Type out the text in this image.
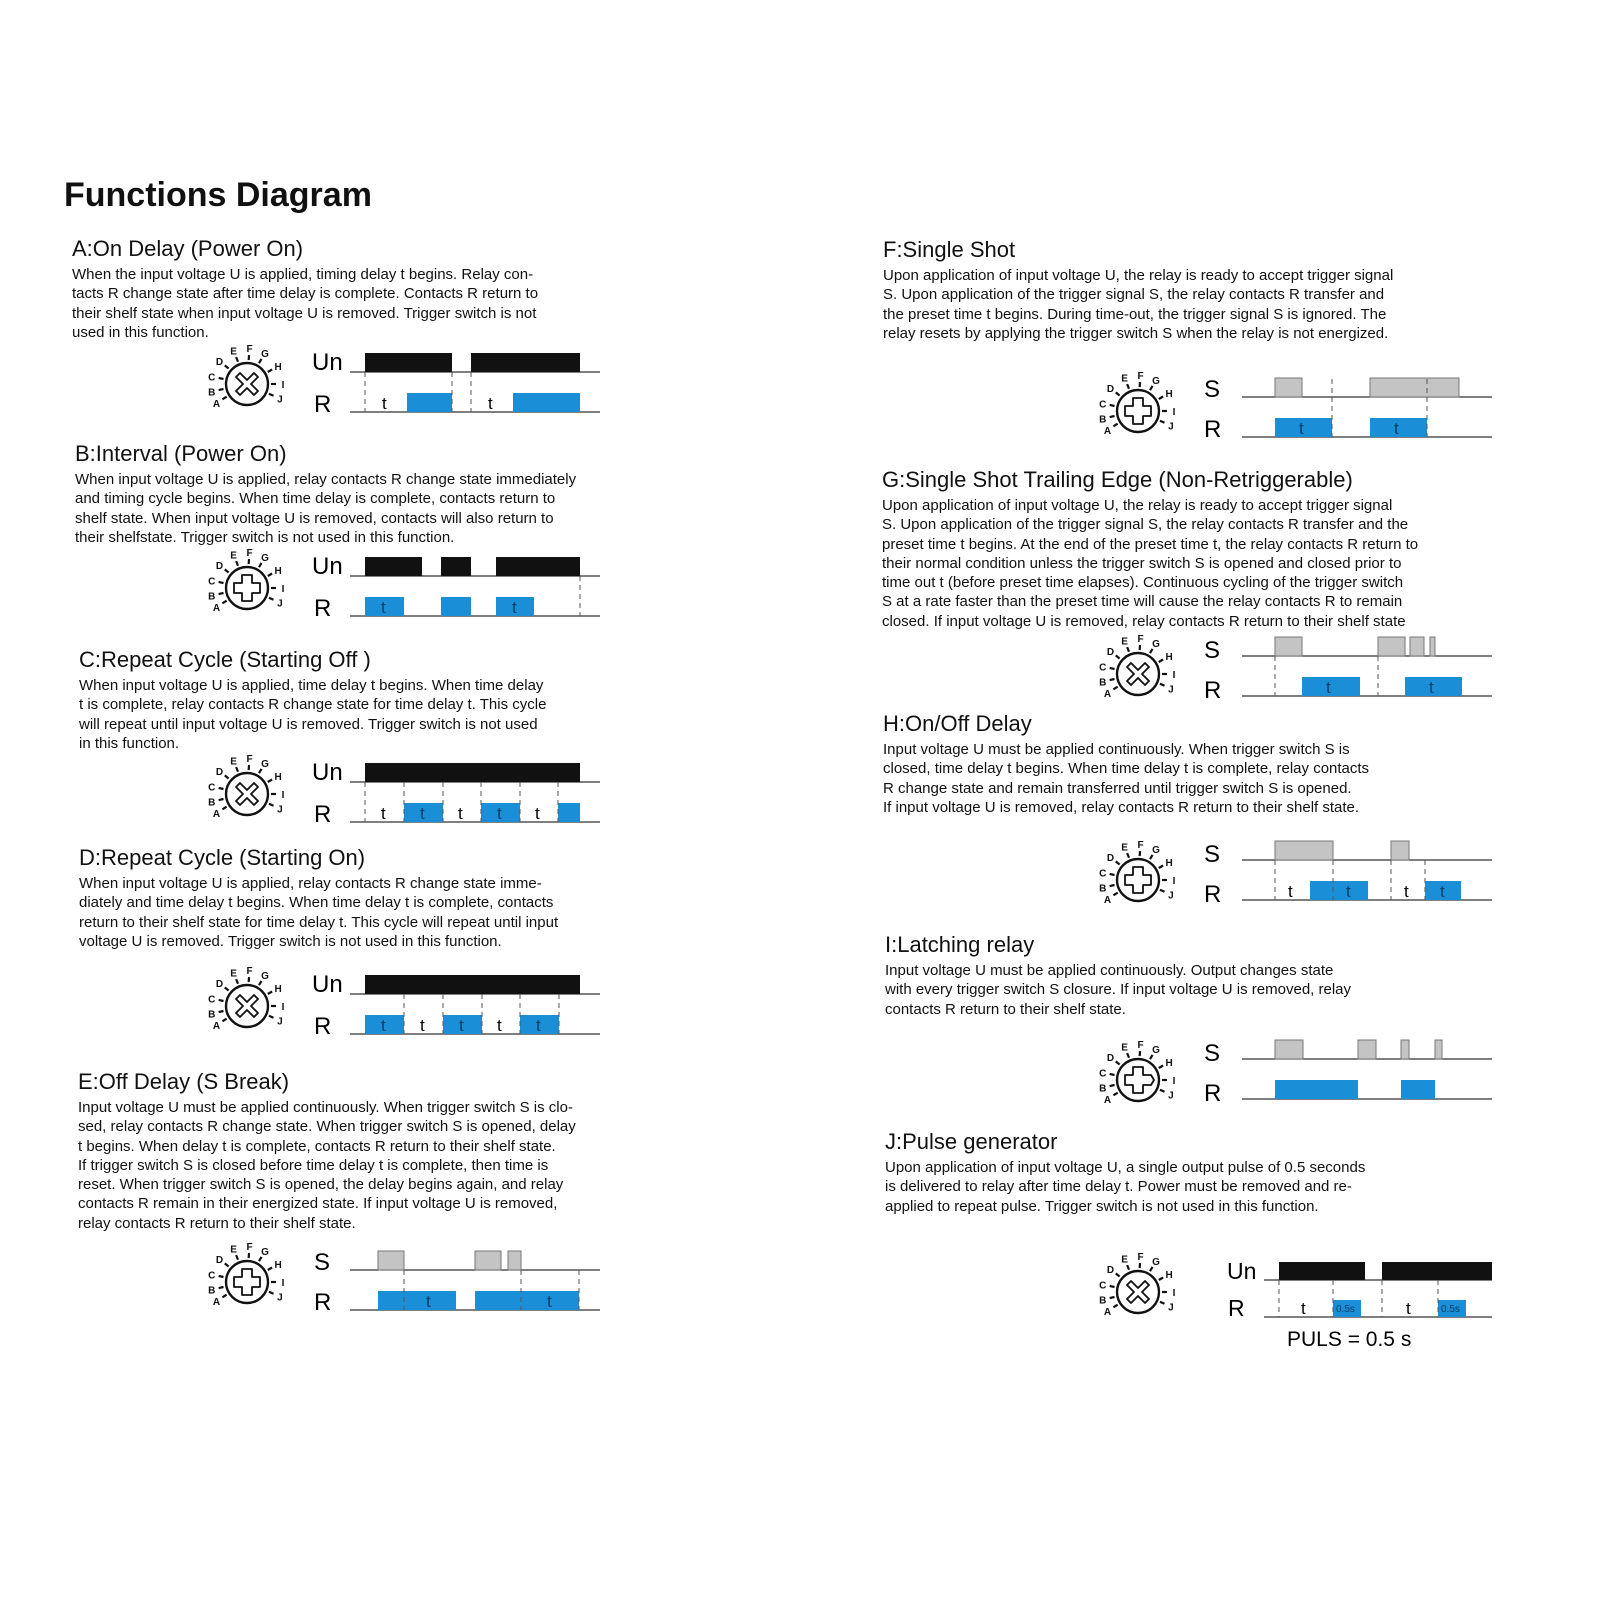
Functions Diagram
A:On Delay (Power On)
When the input voltage U is applied, timing delay t begins. Relay con-
tacts R change state after time delay is complete. Contacts R return to
their shelf state when input voltage U is removed. Trigger switch is not
used in this function.
A
B
C
D
E F G
H
I
J
Un
R	t	t
B:Interval (Power On)
When input voltage U is applied, relay contacts R change state immediately
and timing cycle begins. When time delay is complete, contacts return to
shelf state. When input voltage U is removed, contacts will also return to
their shelfstate. Trigger switch is not used in this function.
A
B
C
D
E F G
H
I
J
Un
R	t	t
C:Repeat Cycle (Starting Off )
When input voltage U is applied, time delay t begins. When time delay
t is complete, relay contacts R change state for time delay t. This cycle
will repeat until input voltage U is removed. Trigger switch is not used
in this function.
A
B
C
D
E F G
H
I
J
Un
R	t t t t t
D:Repeat Cycle (Starting On)
When input voltage U is applied, relay contacts R change state imme-
diately and time delay t begins. When time delay t is complete, contacts
return to their shelf state for time delay t. This cycle will repeat until input
voltage U is removed. Trigger switch is not used in this function.
A
B
C
D
E F G
H
I
J
Un
R	t t t t t
E:Off Delay (S Break)
Input voltage U must be applied continuously. When trigger switch S is clo-
sed, relay contacts R change state. When trigger switch S is opened, delay
t begins. When delay t is complete, contacts R return to their shelf state.
If trigger switch S is closed before time delay t is complete, then time is
reset. When trigger switch S is opened, the delay begins again, and relay
contacts R remain in their energized state. If input voltage U is removed,
relay contacts R return to their shelf state.
A
B
C
D
E F G
H
I
J
S
R	t	t
F:Single Shot
Upon application of input voltage U, the relay is ready to accept trigger signal
S. Upon application of the trigger signal S, the relay contacts R transfer and
the preset time t begins. During time-out, the trigger signal S is ignored. The
relay resets by applying the trigger switch S when the relay is not energized.
A
B
C
D
E F G
H
I
J
S
R	t	t
G:Single Shot Trailing Edge (Non-Retriggerable)
Upon application of input voltage U, the relay is ready to accept trigger signal
S. Upon application of the trigger signal S, the relay contacts R transfer and the
preset time t begins. At the end of the preset time t, the relay contacts R return to
their normal condition unless the trigger switch S is opened and closed prior to
time out t (before preset time elapses). Continuous cycling of the trigger switch
S at a rate faster than the preset time will cause the relay contacts R to remain
closed. If input voltage U is removed, relay contacts R return to their shelf state
A
B
C
D
E F G
H
I
J
S
R	t	t
H:On/Off Delay
Input voltage U must be applied continuously. When trigger switch S is
closed, time delay t begins. When time delay t is complete, relay contacts
R change state and remain transferred until trigger switch S is opened.
If input voltage U is removed, relay contacts R return to their shelf state.
A
B
C
D
E F G
H
I
J
S
R	t	t	t t
I:Latching relay
Input voltage U must be applied continuously. Output changes state
with every trigger switch S closure. If input voltage U is removed, relay
contacts R return to their shelf state.
A
B
C
D
E F G
H
I
J
S
R
J:Pulse generator
Upon application of input voltage U, a single output pulse of 0.5 seconds
is delivered to relay after time delay t. Power must be removed and re-
applied to repeat pulse. Trigger switch is not used in this function.
A
B
C
D
E F G
H
I
J
Un
R	t	0.5s	t	0.5s
PULS = 0.5 s
